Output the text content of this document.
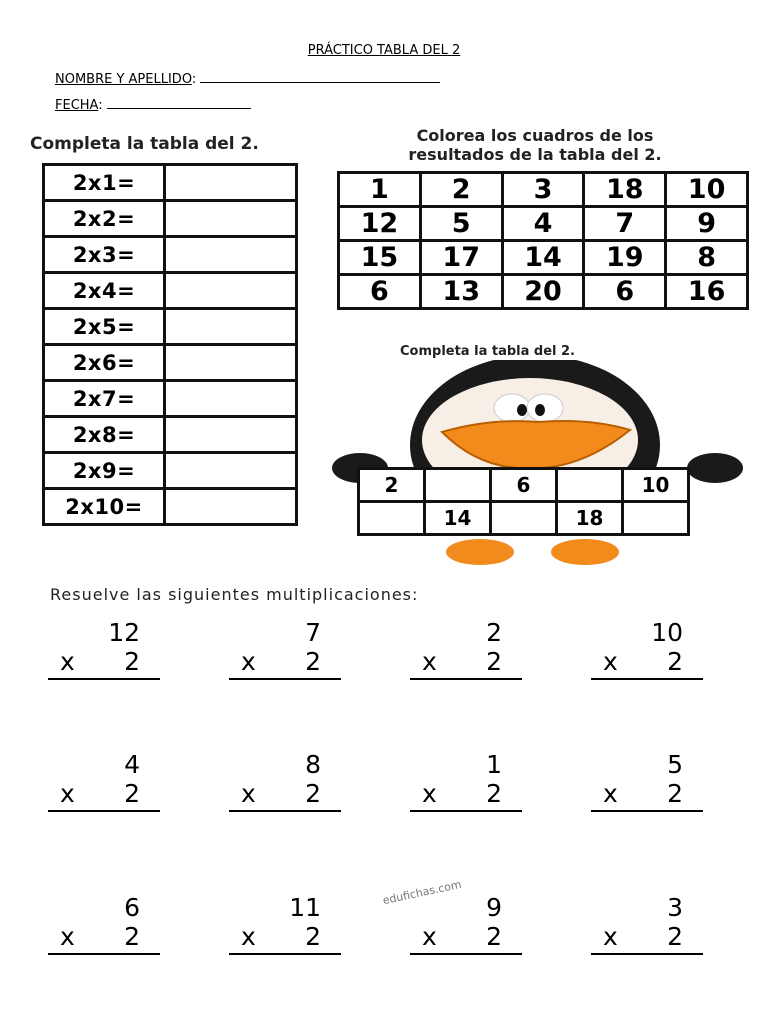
PRÁCTICO TABLA DEL 2
NOMBRE Y APELLIDO:
FECHA:
Completa la tabla del 2.
2x1=	
2x2=	
2x3=	
2x4=	
2x5=	
2x6=	
2x7=	
2x8=	
2x9=	
2x10=	
Colorea los cuadros de los
resultados de la tabla del 2.
1	2	3	18	10
12	5	4	7	9
15	17	14	19	8
6	13	20	6	16
Completa la tabla del 2.
2		6		10
	14		18	
Resuelve las siguientes multiplicaciones:
12
x 2
7
x 2
2
x 2
10
x 2
4
x 2
8
x 2
1
x 2
5
x 2
6
x 2
11
x 2
9
x 2
3
x 2
edufichas.com
